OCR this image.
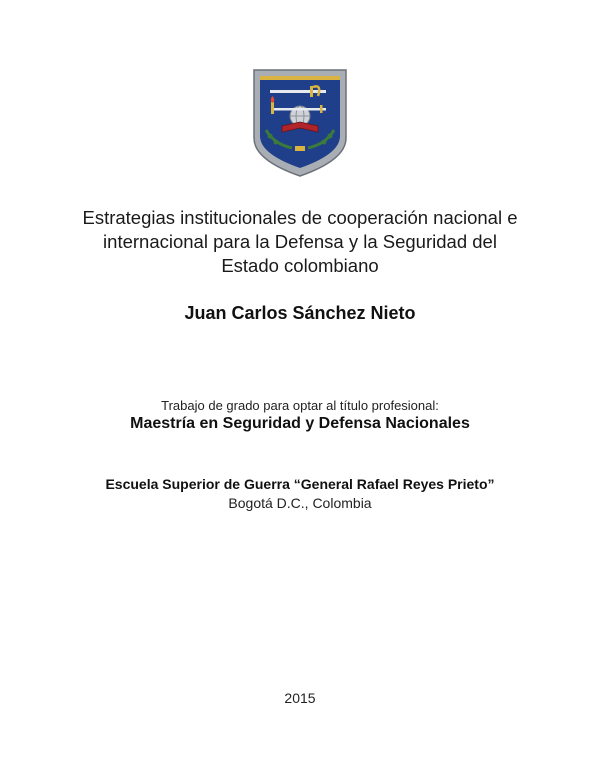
Estrategias institucionales de cooperación nacional e
internacional para la Defensa y la Seguridad del
Estado colombiano
Juan Carlos Sánchez Nieto
Trabajo de grado para optar al título profesional:
Maestría en Seguridad y Defensa Nacionales
Escuela Superior de Guerra “General Rafael Reyes Prieto”
Bogotá D.C., Colombia
2015
